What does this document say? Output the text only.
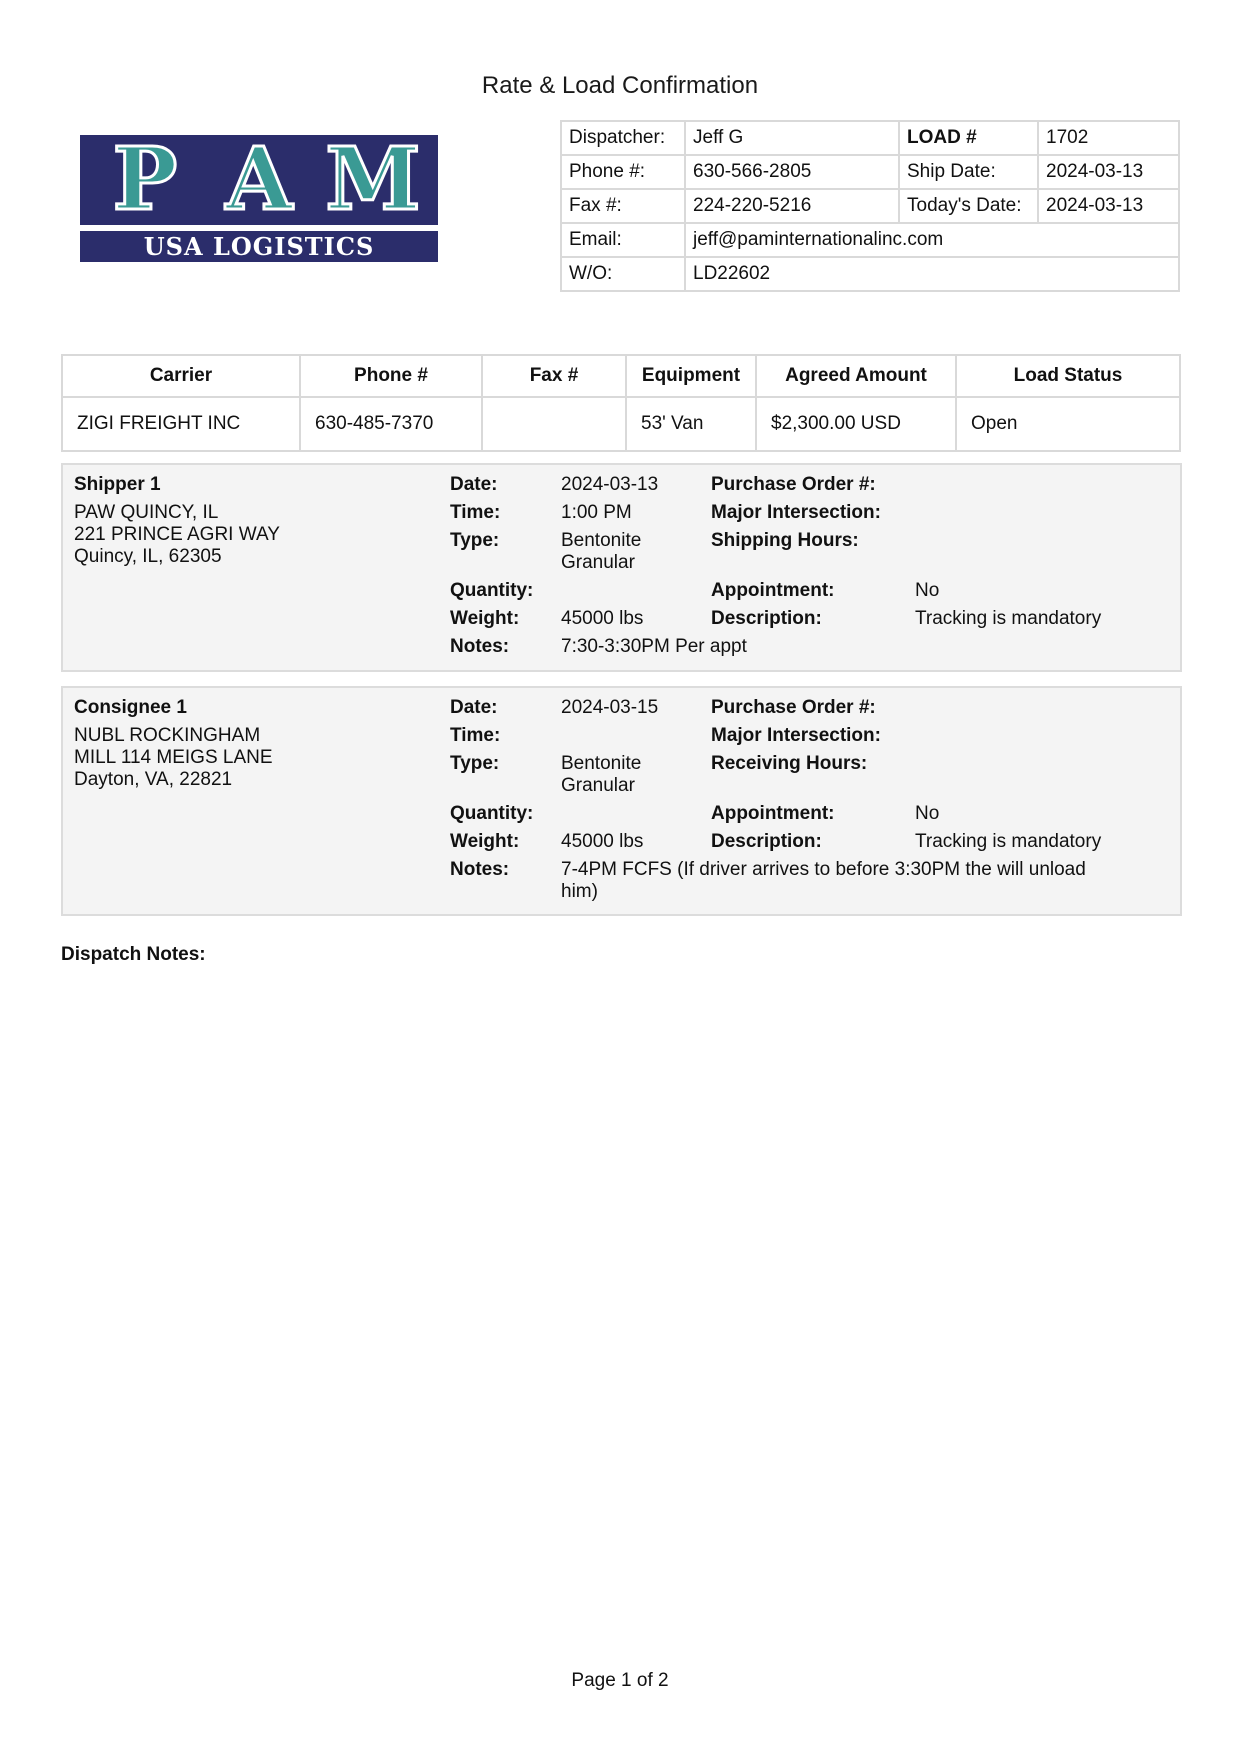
Rate & Load Confirmation
P A M
USA LOGISTICS
Dispatcher:	Jeff G	LOAD #	1702
Phone #:	630-566-2805	Ship Date:	2024-03-13
Fax #:	224-220-5216	Today's Date:	2024-03-13
Email:	jeff@paminternationalinc.com		
W/O:	LD22602		
Carrier	Phone #	Fax #	Equipment	Agreed Amount	Load Status
ZIGI FREIGHT INC	630-485-7370		53' Van	$2,300.00 USD	Open
Shipper 1
PAW QUINCY, IL
221 PRINCE AGRI WAY
Quincy, IL, 62305
Date:	2024-03-13
Time:	1:00 PM
Type:	Bentonite
Granular
Quantity:
Weight: 45000 lbs
Notes:	7:30-3:30PM Per appt
Purchase Order #:
Major Intersection:
Shipping Hours:
Appointment:	No
Description:	Tracking is mandatory
Consignee 1
NUBL ROCKINGHAM
MILL 114 MEIGS LANE
Dayton, VA, 22821
Date:	2024-03-15
Time:
Type:	Bentonite
Granular
Quantity:
Weight: 45000 lbs
Notes:	7-4PM FCFS (If driver arrives to before 3:30PM the will unload
him)
Purchase Order #:
Major Intersection:
Receiving Hours:
Appointment:	No
Description:	Tracking is mandatory
Dispatch Notes:
Page 1 of 2
